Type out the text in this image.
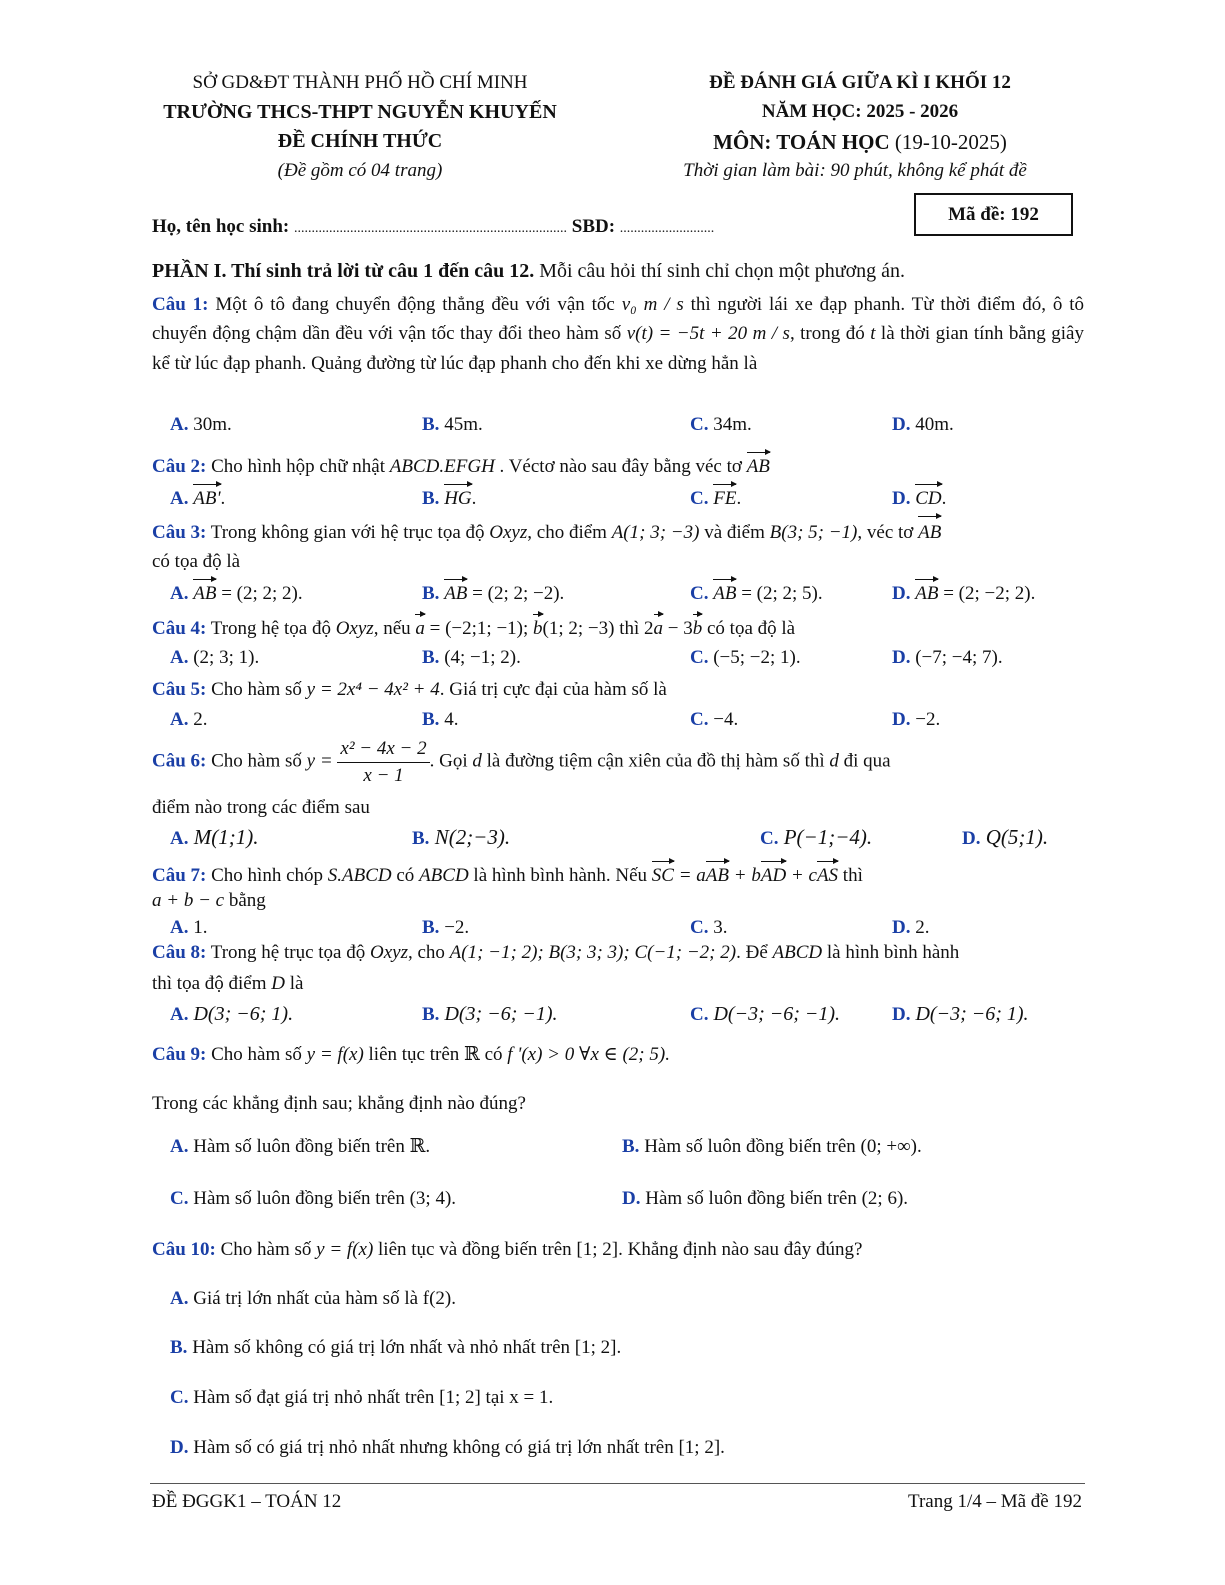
SỞ GD&ĐT THÀNH PHỐ HỒ CHÍ MINH
TRƯỜNG THCS-THPT NGUYỄN KHUYẾN
ĐỀ CHÍNH THỨC
(Đề gồm có 04 trang)
ĐỀ ĐÁNH GIÁ GIỮA KÌ I KHỐI 12
NĂM HỌC: 2025 - 2026
MÔN: TOÁN HỌC (19-10-2025)
Thời gian làm bài: 90 phút, không kể phát đề
Họ, tên học sinh: .............................................................................. SBD: ...........................
Mã đề: 192
PHẦN I. Thí sinh trả lời từ câu 1 đến câu 12. Mỗi câu hỏi thí sinh chỉ chọn một phương án.
Câu 1: Một ô tô đang chuyển động thẳng đều với vận tốc v₀ m / s thì người lái xe đạp phanh. Từ thời điểm đó, ô tô chuyển động chậm dần đều với vận tốc thay đổi theo hàm số v(t) = −5t + 20 m / s, trong đó t là thời gian tính bằng giây kể từ lúc đạp phanh. Quảng đường từ lúc đạp phanh cho đến khi xe dừng hẳn là
A. 30m.	B. 45m.	C. 34m.	D. 40m.
Câu 2: Cho hình hộp chữ nhật ABCD.EFGH . Véctơ nào sau đây bằng véc tơ
AB
A. AB'.	B. HG.	C. FE.	D. CD.
Câu 3: Trong không gian với hệ trục tọa độ Oxyz, cho điểm A(1; 3; −3) và điểm B(3; 5; −1), véc tơ
AB
có tọa độ là
A. AB = (2; 2; 2).	B. AB = (2; 2; −2).	C. AB = (2; 2; 5).	D. AB = (2; −2; 2).
Câu 4: Trong hệ tọa độ Oxyz, nếu
a = (−2;1; −1);
b(1; 2; −3) thì 2
a − 3
b có tọa độ là
A. (2; 3; 1).	B. (4; −1; 2).	C. (−5; −2; 1).	D. (−7; −4; 7).
Câu 5: Cho hàm số y = 2x⁴ − 4x² + 4. Giá trị cực đại của hàm số là
A. 2.	B. 4.	C. −4.	D. −2.
Câu 6: Cho hàm số $y = \frac{\text{x² − 4x − 2}}{x - 1}$ . Gọi d là đường tiệm cận xiên của đồ thị hàm số thì d đi qua
điểm nào trong các điểm sau
A. M(1;1).	B. N(2;−3).	C. P(−1;−4).	D. Q(5;1).
Câu 7: Cho hình chóp S.ABCD có ABCD là hình bình hành. Nếu
SC = a
AB + b
AD + c
AS thì
a + b − c bằng
A. 1.	B. −2.	C. 3.	D. 2.
Câu 8: Trong hệ trục tọa độ Oxyz, cho A(1; −1; 2); B(3; 3; 3); C(−1; −2; 2). Để ABCD là hình bình hành
thì tọa độ điểm D là
A. D(3; −6; 1).	B. D(3; −6; −1).	C. D(−3; −6; −1).	D. D(−3; −6; 1).
Câu 9: Cho hàm số y = f(x) liên tục trên ℝ có f '(x) > 0 ∀x ∈ (2; 5).
Trong các khẳng định sau; khẳng định nào đúng?
A. Hàm số luôn đồng biến trên ℝ.	B. Hàm số luôn đồng biến trên (0; +∞).
C. Hàm số luôn đồng biến trên (3; 4).	D. Hàm số luôn đồng biến trên (2; 6).
Câu 10: Cho hàm số y = f(x) liên tục và đồng biến trên [1; 2]. Khẳng định nào sau đây đúng?
A. Giá trị lớn nhất của hàm số là f(2).
B. Hàm số không có giá trị lớn nhất và nhỏ nhất trên [1; 2].
C. Hàm số đạt giá trị nhỏ nhất trên [1; 2] tại x = 1.
D. Hàm số có giá trị nhỏ nhất nhưng không có giá trị lớn nhất trên [1; 2].
ĐỀ ĐGGK1 – TOÁN 12	Trang 1/4 – Mã đề 192
